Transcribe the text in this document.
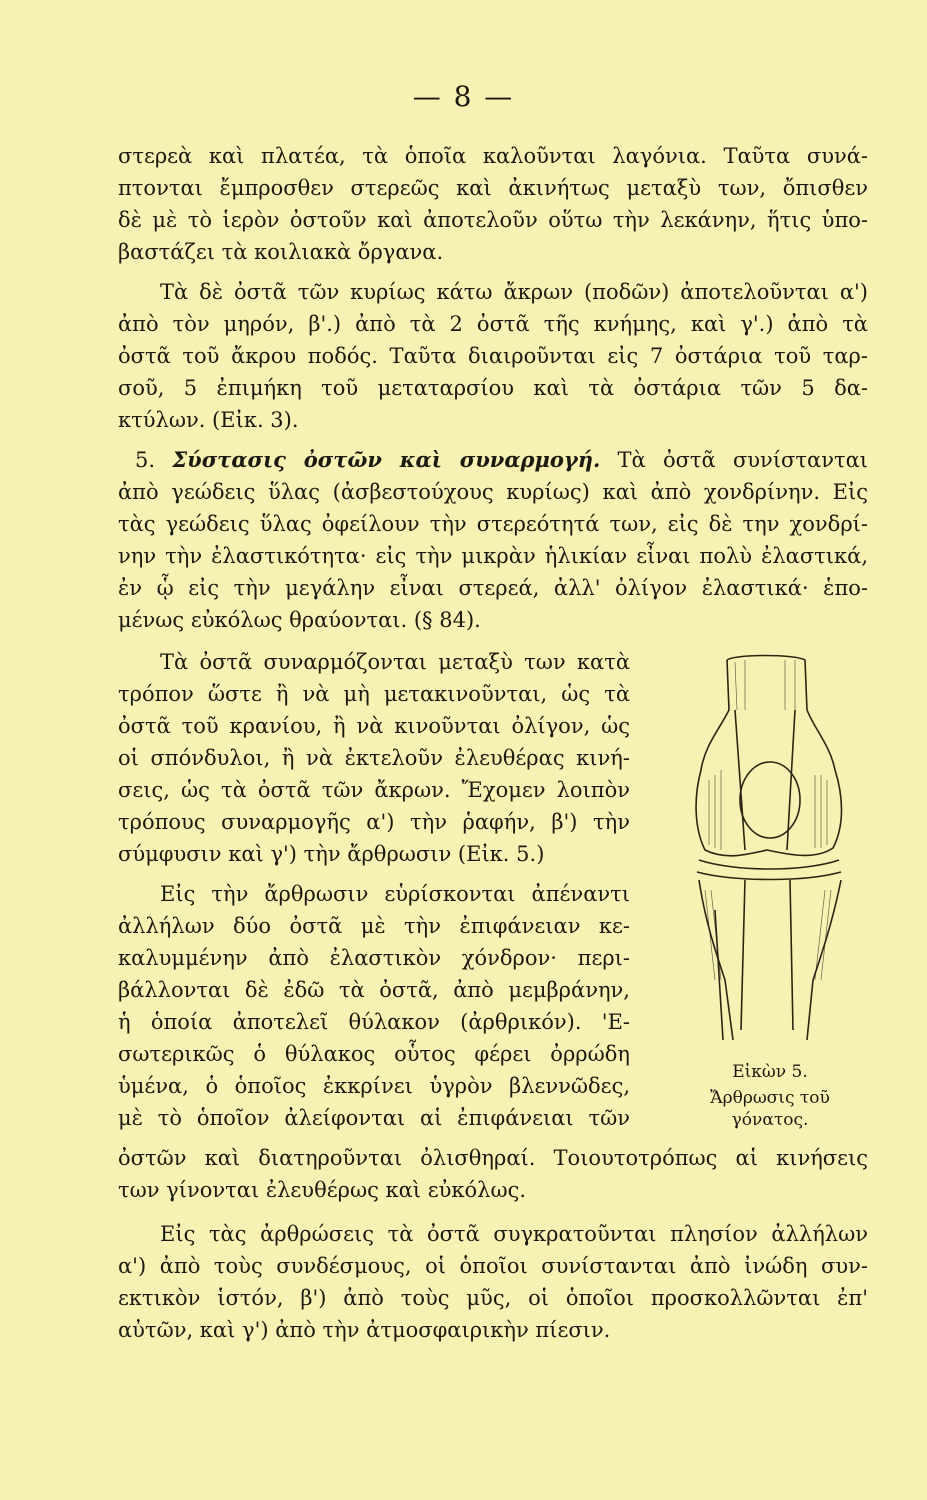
— 8 —
στερεὰ καὶ πλατέα, τὰ ὁποῖα καλοῦνται λαγόνια. Ταῦτα συνά-
πτονται ἔμπροσθεν στερεῶς καὶ ἀκινήτως μεταξὺ των, ὄπισθεν
δὲ μὲ τὸ ἱερὸν ὀστοῦν καὶ ἀποτελοῦν οὕτω τὴν λεκάνην, ἥτις ὑπο-
βαστάζει τὰ κοιλιακὰ ὄργανα.
Τὰ δὲ ὀστᾶ τῶν κυρίως κάτω ἄκρων (ποδῶν) ἀποτελοῦνται α')
ἀπὸ τὸν μηρόν, β'.) ἀπὸ τὰ 2 ὀστᾶ τῆς κνήμης, καὶ γ'.) ἀπὸ τὰ
ὀστᾶ τοῦ ἄκρου ποδός. Ταῦτα διαιροῦνται εἰς 7 ὀστάρια τοῦ ταρ-
σοῦ, 5 ἐπιμήκη τοῦ μεταταρσίου καὶ τὰ ὀστάρια τῶν 5 δα-
κτύλων. (Εἰκ. 3).
5. Σύστασις ὀστῶν καὶ συναρμογή. Τὰ ὀστᾶ συνίστανται
ἀπὸ γεώδεις ὕλας (ἀσβεστούχους κυρίως) καὶ ἀπὸ χονδρίνην. Εἰς
τὰς γεώδεις ὕλας ὀφείλουν τὴν στερεότητά των, εἰς δὲ την χονδρί-
νην τὴν ἐλαστικότητα· εἰς τὴν μικρὰν ἡλικίαν εἶναι πολὺ ἐλαστικά,
ἐν ᾧ εἰς τὴν μεγάλην εἶναι στερεά, ἀλλ' ὀλίγον ἐλαστικά· ἑπο-
μένως εὐκόλως θραύονται. (§ 84).
Τὰ ὀστᾶ συναρμόζονται μεταξὺ των κατὰ
τρόπον ὥστε ἢ νὰ μὴ μετακινοῦνται, ὡς τὰ
ὀστᾶ τοῦ κρανίου, ἢ νὰ κινοῦνται ὀλίγον, ὡς
οἱ σπόνδυλοι, ἢ νὰ ἐκτελοῦν ἐλευθέρας κινή-
σεις, ὡς τὰ ὀστᾶ τῶν ἄκρων. Ἔχομεν λοιπὸν
τρόπους συναρμογῆς α') τὴν ῥαφήν, β') τὴν
σύμφυσιν καὶ γ') τὴν ἄρθρωσιν (Εἰκ. 5.)
Εἰς τὴν ἄρθρωσιν εὑρίσκονται ἀπέναντι
ἀλλήλων δύο ὀστᾶ μὲ τὴν ἐπιφάνειαν κε-
καλυμμένην ἀπὸ ἐλαστικὸν χόνδρον· περι-
βάλλονται δὲ ἐδῶ τὰ ὀστᾶ, ἀπὸ μεμβράνην,
ἡ ὁποία ἀποτελεῖ θύλακον (ἀρθρικόν). 'Ε-
σωτερικῶς ὁ θύλακος οὗτος φέρει ὀρρώδη
ὑμένα, ὁ ὁποῖος ἐκκρίνει ὑγρὸν βλεννῶδες,
μὲ τὸ ὁποῖον ἀλείφονται αἱ ἐπιφάνειαι τῶν
ὀστῶν καὶ διατηροῦνται ὀλισθηραί. Τοιουτοτρόπως αἱ κινήσεις
των γίνονται ἐλευθέρως καὶ εὐκόλως.
Εἰς τὰς ἀρθρώσεις τὰ ὀστᾶ συγκρατοῦνται πλησίον ἀλλήλων
α') ἀπὸ τοὺς συνδέσμους, οἱ ὁποῖοι συνίστανται ἀπὸ ἰνώδη συν-
εκτικὸν ἱστόν, β') ἀπὸ τοὺς μῦς, οἱ ὁποῖοι προσκολλῶνται ἐπ'
αὐτῶν, καὶ γ') ἀπὸ τὴν ἀτμοσφαιρικὴν πίεσιν.
Εἰκὼν 5.
Ἄρθρωσις τοῦ
γόνατος.
